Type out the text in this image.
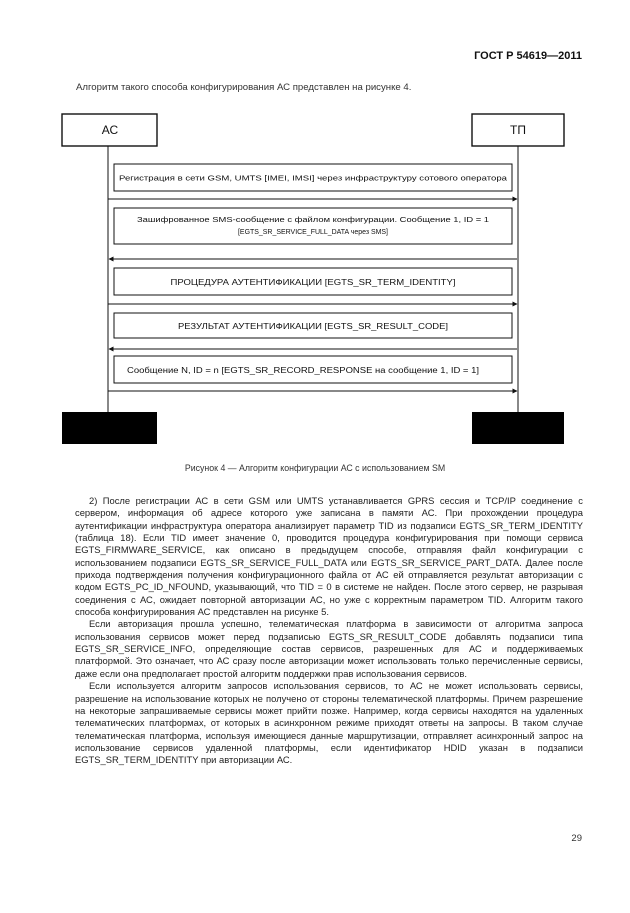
ГОСТ Р 54619—2011
Алгоритм такого способа конфигурирования АС представлен на рисунке 4.
АС	ТП
Регистрация в сети GSM, UMTS [IMEI, IMSI] через инфраструктуру сотового оператора
Зашифрованное SMS-сообщение с файлом конфигурации. Сообщение 1, ID = 1
[EGTS_SR_SERVICE_FULL_DATA через SMS]
ПРОЦЕДУРА АУТЕНТИФИКАЦИИ [EGTS_SR_TERM_IDENTITY]
РЕЗУЛЬТАТ АУТЕНТИФИКАЦИИ [EGTS_SR_RESULT_CODE]
Сообщение N, ID = n [EGTS_SR_RECORD_RESPONSE на сообщение 1, ID = 1]
Рисунок 4 — Алгоритм конфигурации АС с использованием SM

2) После регистрации АС в сети GSM или UMTS устанавливается GPRS сессия и TCP/IP соединение с сервером, информация об адресе которого уже записана в памяти АС. При прохождении процедура аутентификации инфраструктура оператора анализирует параметр TID из подзаписи EGTS_SR_TERM_IDENTITY (таблица 18). Если TID имеет значение 0, проводится процедура конфигурирования при помощи сервиса EGTS_FIRMWARE_SERVICE, как описано в предыдущем способе, отправляя файл конфигурации с использованием подзаписи EGTS_SR_SERVICE_FULL_DATA или EGTS_SR_SERVICE_PART_DATA. Далее после прихода подтверждения получения конфигурационного файла от АС ей отправляется результат авторизации с кодом EGTS_PC_ID_NFOUND, указывающий, что TID = 0 в системе не найден. После этого сервер, не разрывая соединения с АС, ожидает повторной авторизации АС, но уже с корректным параметром TID. Алгоритм такого способа конфигурирования АС представлен на рисунке 5.

Если авторизация прошла успешно, телематическая платформа в зависимости от алгоритма запроса использования сервисов может перед подзаписью EGTS_SR_RESULT_CODE добавлять подзаписи типа EGTS_SR_SERVICE_INFO, определяющие состав сервисов, разрешенных для АС и поддерживаемых платформой. Это означает, что АС сразу после авторизации может использовать только перечисленные сервисы, даже если она предполагает простой алгоритм поддержки прав использования сервисов.

Если используется алгоритм запросов использования сервисов, то АС не может использовать сервисы, разрешение на использование которых не получено от стороны телематической платформы. Причем разрешение на некоторые запрашиваемые сервисы может прийти позже. Например, когда сервисы находятся на удаленных телематических платформах, от которых в асинхронном режиме приходят ответы на запросы. В таком случае телематическая платформа, используя имеющиеся данные маршрутизации, отправляет асинхронный запрос на использование сервисов удаленной платформы, если идентификатор HDID указан в подзаписи EGTS_SR_TERM_IDENTITY при авторизации АС.

29
